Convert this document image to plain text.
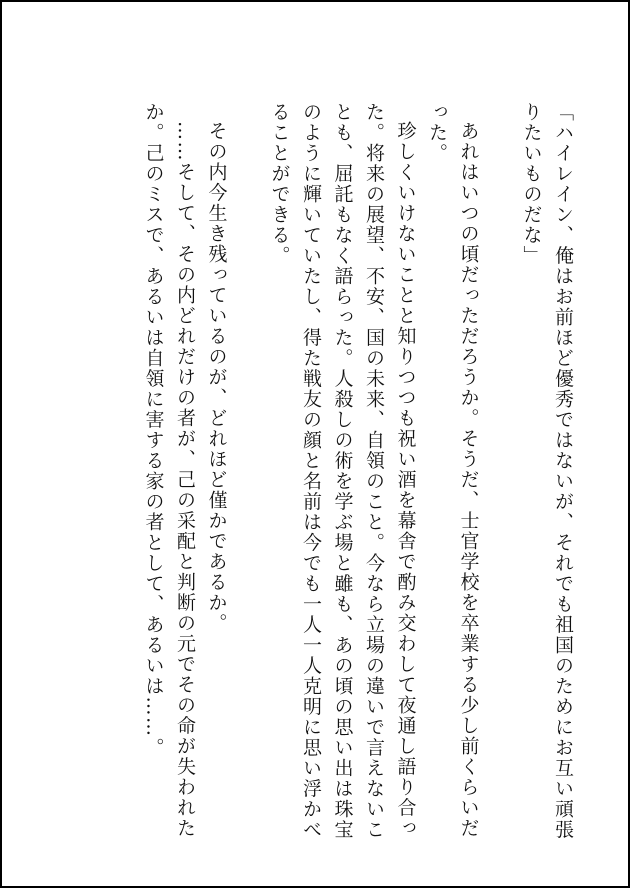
「ハイレイン、俺はお前ほど優秀ではないが、それでも祖国のためにお互い頑張
りたいものだな」
あれはいつの頃だっただろうか。そうだ、士官学校を卒業する少し前くらいだ
った。
珍しくいけないことと知りつつも祝い酒を幕舎で酌み交わして夜通し語り合っ
た。将来の展望、不安、国の未来、自領のこと。今なら立場の違いで言えないこ
とも、屈託もなく語らった。人殺しの術を学ぶ場と雖も、あの頃の思い出は珠宝
のように輝いていたし、得た戦友の顔と名前は今でも一人一人克明に思い浮かべ
ることができる。
その内今生き残っているのが、どれほど僅かであるか。
……そして、その内どれだけの者が、己の采配と判断の元でその命が失われた
か。己のミスで、あるいは自領に害する家の者として、あるいは……。
